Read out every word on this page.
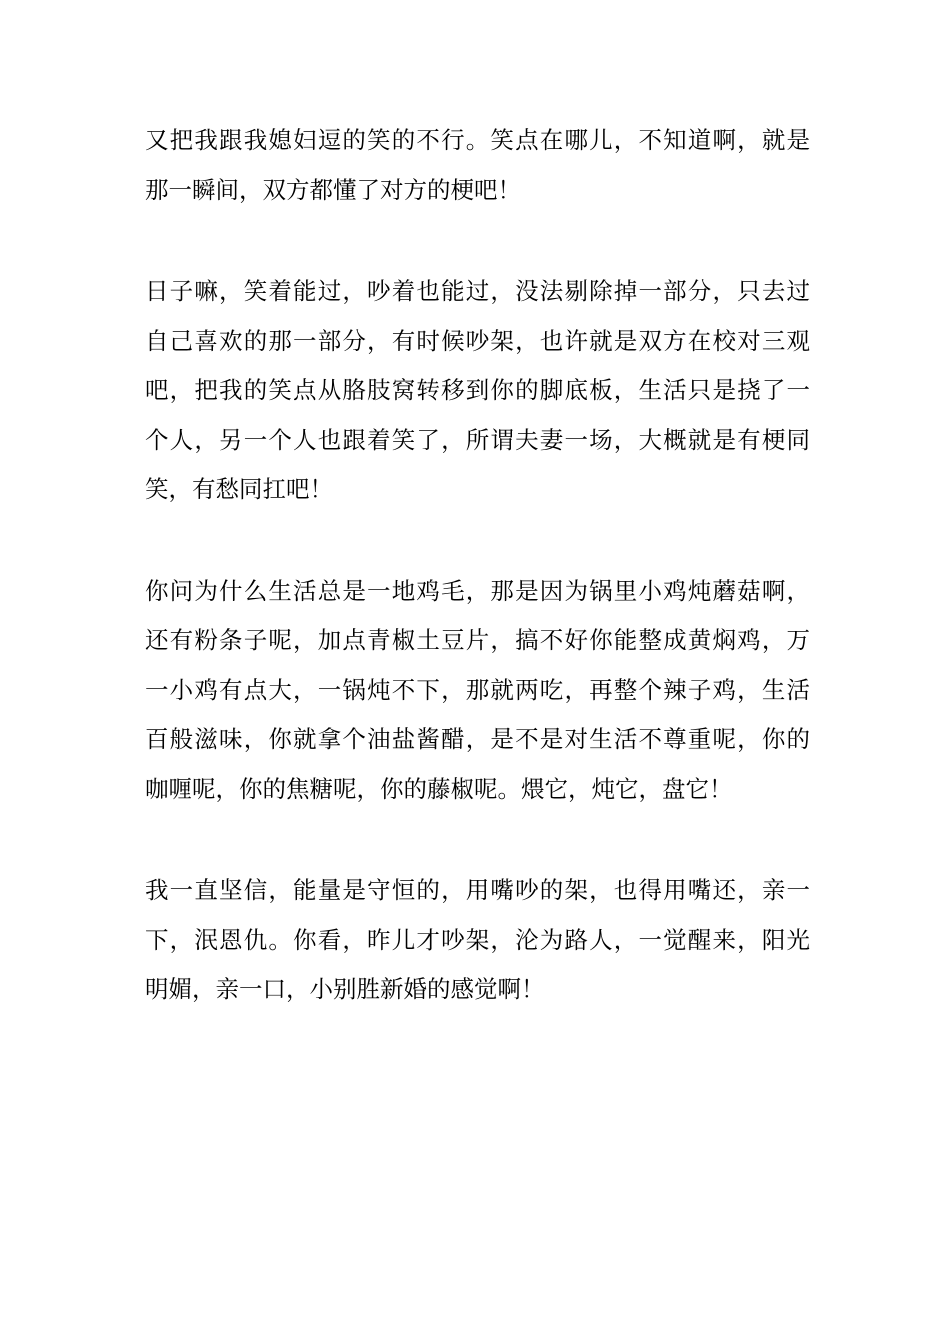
又把我跟我媳妇逗的笑的不行。笑点在哪儿，不知道啊，就是
那一瞬间，双方都懂了对方的梗吧！
日子嘛，笑着能过，吵着也能过，没法剔除掉一部分，只去过
自己喜欢的那一部分，有时候吵架，也许就是双方在校对三观
吧，把我的笑点从胳肢窝转移到你的脚底板，生活只是挠了一
个人，另一个人也跟着笑了，所谓夫妻一场，大概就是有梗同
笑，有愁同扛吧！
你问为什么生活总是一地鸡毛，那是因为锅里小鸡炖蘑菇啊，
还有粉条子呢，加点青椒土豆片，搞不好你能整成黄焖鸡，万
一小鸡有点大，一锅炖不下，那就两吃，再整个辣子鸡，生活
百般滋味，你就拿个油盐酱醋，是不是对生活不尊重呢，你的
咖喱呢，你的焦糖呢，你的藤椒呢。煨它，炖它，盘它！
我一直坚信，能量是守恒的，用嘴吵的架，也得用嘴还，亲一
下，泯恩仇。你看，昨儿才吵架，沦为路人，一觉醒来，阳光
明媚，亲一口，小别胜新婚的感觉啊！
